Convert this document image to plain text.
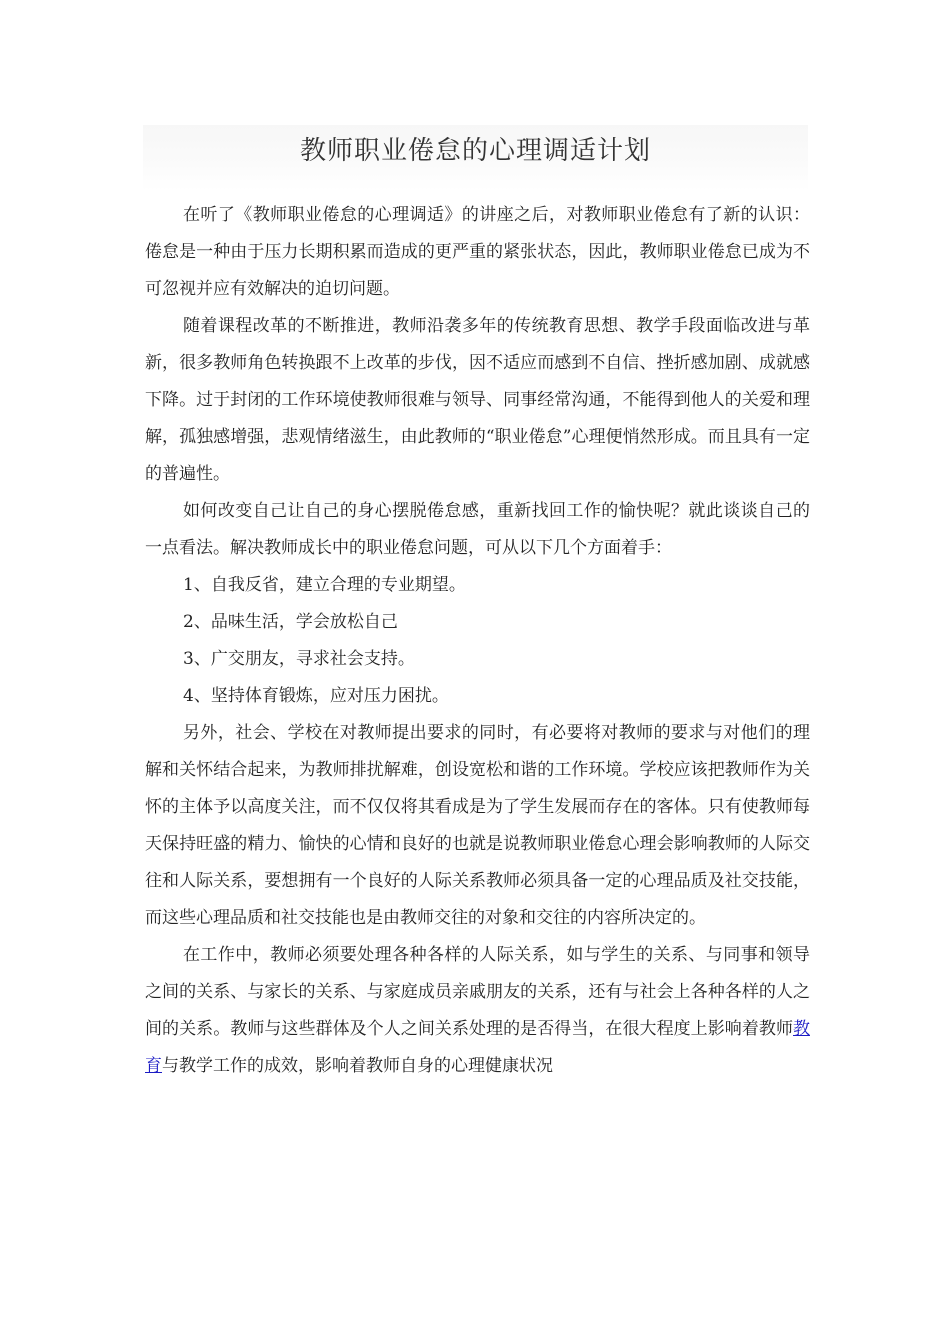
教师职业倦怠的心理调适计划

在听了《教师职业倦怠的心理调适》的讲座之后，对教师职业倦怠有了新的认识：倦怠是一种由于压力长期积累而造成的更严重的紧张状态，因此，教师职业倦怠已成为不可忽视并应有效解决的迫切问题。

随着课程改革的不断推进，教师沿袭多年的传统教育思想、教学手段面临改进与革新，很多教师角色转换跟不上改革的步伐，因不适应而感到不自信、挫折感加剧、成就感下降。过于封闭的工作环境使教师很难与领导、同事经常沟通，不能得到他人的关爱和理解，孤独感增强，悲观情绪滋生，由此教师的“职业倦怠”心理便悄然形成。而且具有一定的普遍性。

如何改变自己让自己的身心摆脱倦怠感，重新找回工作的愉快呢？就此谈谈自己的一点看法。解决教师成长中的职业倦怠问题，可从以下几个方面着手：

1、自我反省，建立合理的专业期望。

2、品味生活，学会放松自己

3、广交朋友，寻求社会支持。

4、坚持体育锻炼，应对压力困扰。

另外，社会、学校在对教师提出要求的同时，有必要将对教师的要求与对他们的理解和关怀结合起来，为教师排扰解难，创设宽松和谐的工作环境。学校应该把教师作为关怀的主体予以高度关注，而不仅仅将其看成是为了学生发展而存在的客体。只有使教师每天保持旺盛的精力、愉快的心情和良好的也就是说教师职业倦怠心理会影响教师的人际交往和人际关系，要想拥有一个良好的人际关系教师必须具备一定的心理品质及社交技能，而这些心理品质和社交技能也是由教师交往的对象和交往的内容所决定的。

在工作中，教师必须要处理各种各样的人际关系，如与学生的关系、与同事和领导之间的关系、与家长的关系、与家庭成员亲戚朋友的关系，还有与社会上各种各样的人之间的关系。教师与这些群体及个人之间关系处理的是否得当，在很大程度上影响着教师教育与教学工作的成效，影响着教师自身的心理健康状况
